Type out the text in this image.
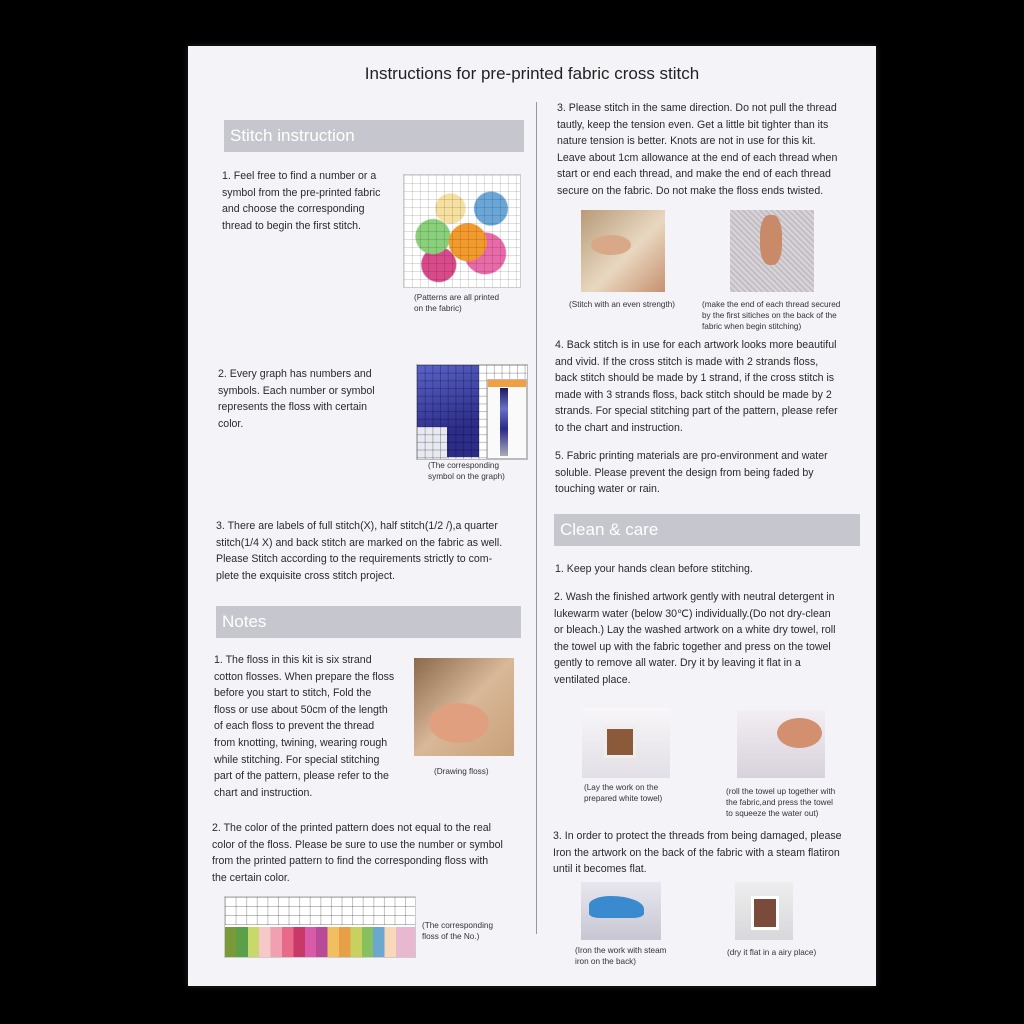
Instructions for pre-printed fabric cross stitch
Stitch instruction
1. Feel free to find a number or a
symbol from the pre-printed fabric
and choose the corresponding
thread to begin the first stitch.
(Patterns are all printed
on the fabric)
2. Every graph has numbers and
symbols. Each number or symbol
represents the floss with certain
color.
(The corresponding
symbol on the graph)
3. There are labels of full stitch(X), half stitch(1/2 /),a quarter
stitch(1/4 X) and back stitch are marked on the fabric as well.
Please Stitch according to the requirements strictly to com-
plete the exquisite cross stitch project.
Notes
1. The floss in this kit is six strand
cotton flosses. When prepare the floss
before you start to stitch, Fold the
floss or use about 50cm of the length
of each floss to prevent the thread
from knotting, twining, wearing rough
while stitching. For special stitching
part of the pattern, please refer to the
chart and instruction.
(Drawing floss)
2. The color of the printed pattern does not equal to the real
color of the floss. Please be sure to use the number or symbol
from the printed pattern to find the corresponding floss with
the certain color.
(The corresponding
floss of the No.)
3. Please stitch in the same direction. Do not pull the thread
tautly, keep the tension even. Get a little bit tighter than its
nature tension is better. Knots are not in use for this kit.
Leave about 1cm allowance at the end of each thread when
start or end each thread, and make the end of each thread
secure on the fabric. Do not make the floss ends twisted.
(Stitch with an even strength)	(make the end of each thread secured
by the first sitiches on the back of the
fabric when begin stitching)
4. Back stitch is in use for each artwork looks more beautiful
and vivid. If the cross stitch is made with 2 strands floss,
back stitch should be made by 1 strand, if the cross stitch is
made with 3 strands floss, back stitch should be made by 2
strands. For special stitching part of the pattern, please refer
to the chart and instruction.
5. Fabric printing materials are pro-environment and water
soluble. Please prevent the design from being faded by
touching water or rain.
Clean & care
1. Keep your hands clean before stitching.
2. Wash the finished artwork gently with neutral detergent in
lukewarm water (below 30℃) individually.(Do not dry-clean
or bleach.) Lay the washed artwork on a white dry towel, roll
the towel up with the fabric together and press on the towel
gently to remove all water. Dry it by leaving it flat in a
ventilated place.
(Lay the work on the
prepared white towel)
(roll the towel up together with
the fabric,and press the towel
to squeeze the water out)
3. In order to protect the threads from being damaged, please
Iron the artwork on the back of the fabric with a steam flatiron
until it becomes flat.
(Iron the work with steam
iron on the back)
(dry it flat in a airy place)
